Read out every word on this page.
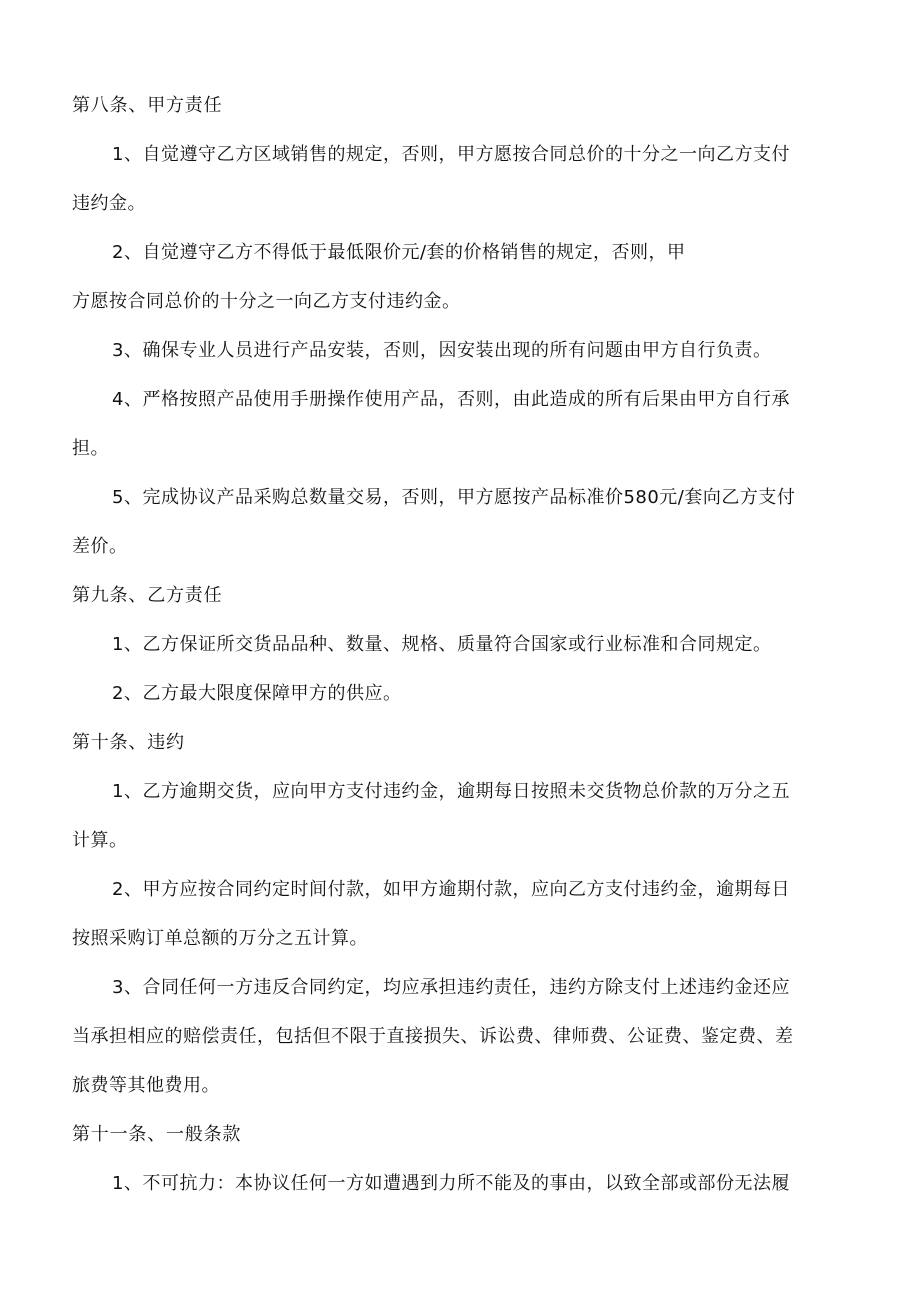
第八条、甲方责任
1、自觉遵守乙方区域销售的规定，否则，甲方愿按合同总价的十分之一向乙方支付
违约金。
2、自觉遵守乙方不得低于最低限价元/套的价格销售的规定，否则，甲
方愿按合同总价的十分之一向乙方支付违约金。
3、确保专业人员进行产品安装，否则，因安装出现的所有问题由甲方自行负责。
4、严格按照产品使用手册操作使用产品，否则，由此造成的所有后果由甲方自行承
担。
5、完成协议产品采购总数量交易，否则，甲方愿按产品标准价580元/套向乙方支付
差价。
第九条、乙方责任
1、乙方保证所交货品品种、数量、规格、质量符合国家或行业标准和合同规定。
2、乙方最大限度保障甲方的供应。
第十条、违约
1、乙方逾期交货，应向甲方支付违约金，逾期每日按照未交货物总价款的万分之五
计算。
2、甲方应按合同约定时间付款，如甲方逾期付款，应向乙方支付违约金，逾期每日
按照采购订单总额的万分之五计算。
3、合同任何一方违反合同约定，均应承担违约责任，违约方除支付上述违约金还应
当承担相应的赔偿责任，包括但不限于直接损失、诉讼费、律师费、公证费、鉴定费、差
旅费等其他费用。
第十一条、一般条款
1、不可抗力：本协议任何一方如遭遇到力所不能及的事由，以致全部或部份无法履
